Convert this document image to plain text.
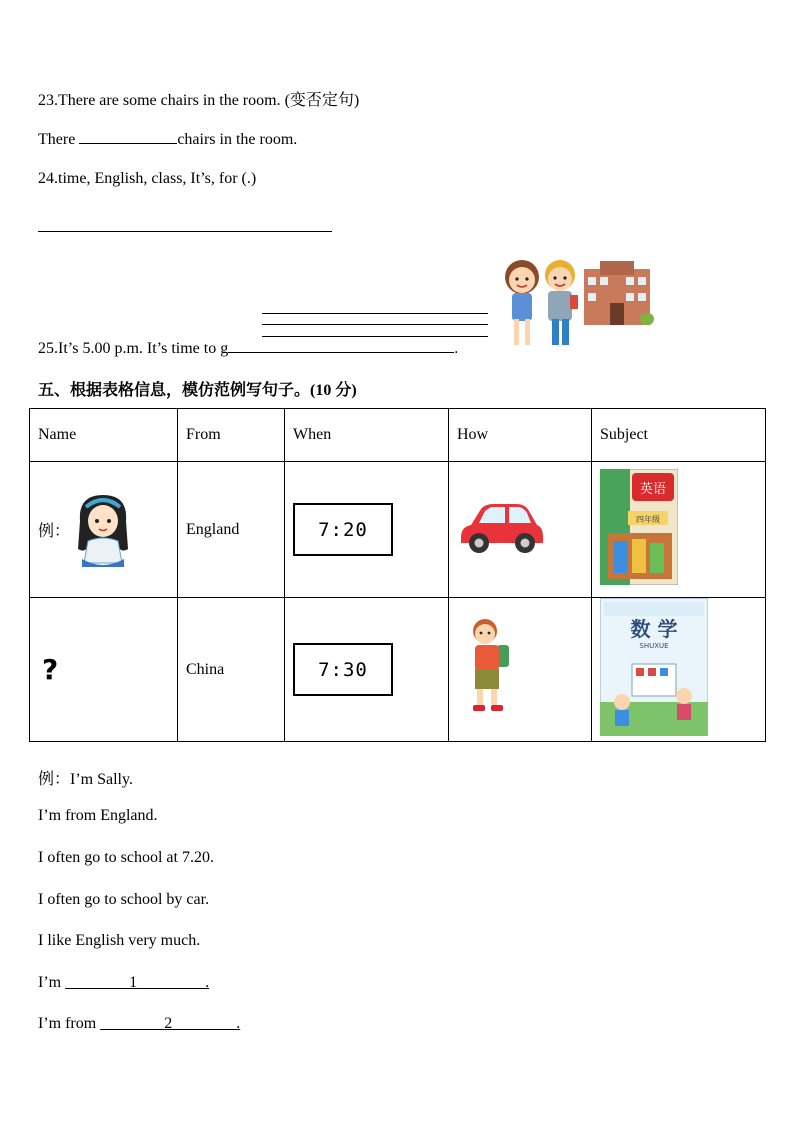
23.There are some chairs in the room. (变否定句)
There	chairs in the room.
24.time, English, class, It’s, for (.)
25.It’s 5.00 p.m. It’s time to g	.
五、根据表格信息，模仿范例写句子。(10 分)
Name	From	When	How	Subject

例：	England	7:20		英语
四年级

?	China	7:30		数 学
SHUXUE
例：I’m Sally.
I’m from England.
I often go to school at 7.20.
I often go to school by car.
I like English very much.
I’m	1	.
I’m from	2	.
